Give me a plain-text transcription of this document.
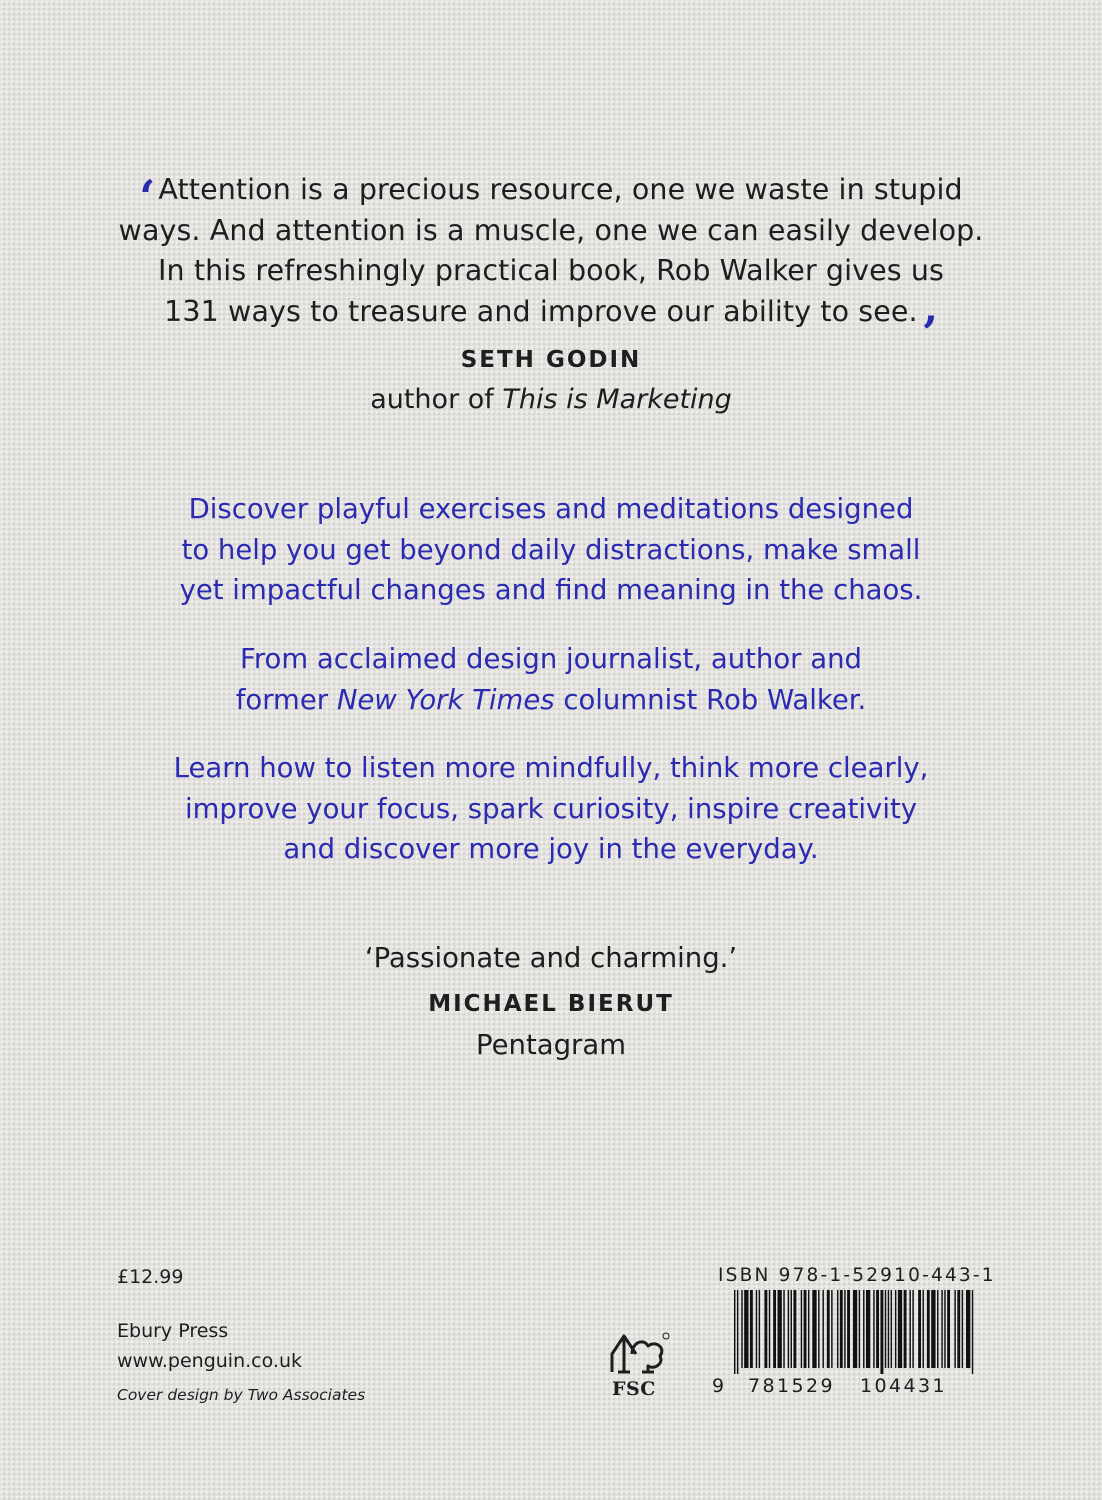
‘ Attention is a precious resource, one we waste in stupid
ways. And attention is a muscle, one we can easily develop.
In this refreshingly practical book, Rob Walker gives us
131 ways to treasure and improve our ability to see.’
SETH GODIN
author of This is Marketing

Discover playful exercises and meditations designed

to help you get beyond daily distractions, make small

yet impactful changes and find meaning in the chaos.

From acclaimed design journalist, author and

former New York Times columnist Rob Walker.

Learn how to listen more mindfully, think more clearly,

improve your focus, spark curiosity, inspire creativity

and discover more joy in the everyday.

‘Passionate and charming.’
MICHAEL BIERUT
Pentagram
£12.99
Ebury Press
www.penguin.co.uk
Cover design by Two Associates	FSC
ISBN 978-1-52910-443-1
9 781529 104431
